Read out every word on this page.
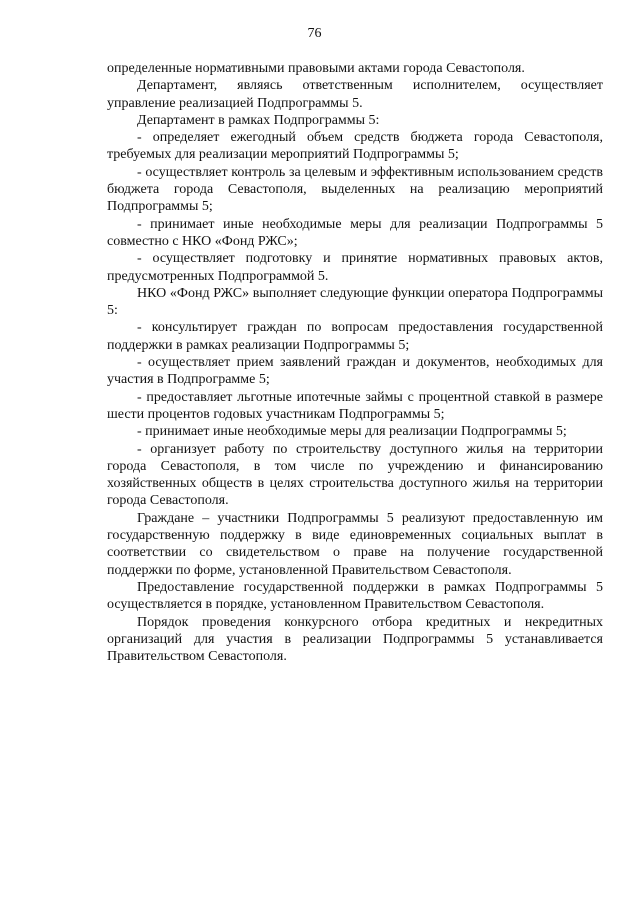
76

определенные нормативными правовыми актами города Севастополя.

Департамент, являясь ответственным исполнителем, осуществляет управление реализацией Подпрограммы 5.

Департамент в рамках Подпрограммы 5:

- определяет ежегодный объем средств бюджета города Севастополя, требуемых для реализации мероприятий Подпрограммы 5;

- осуществляет контроль за целевым и эффективным использованием средств бюджета города Севастополя, выделенных на реализацию мероприятий Подпрограммы 5;

- принимает иные необходимые меры для реализации Подпрограммы 5 совместно с НКО «Фонд РЖС»;

- осуществляет подготовку и принятие нормативных правовых актов, предусмотренных Подпрограммой 5.

НКО «Фонд РЖС» выполняет следующие функции оператора Подпрограммы 5:

- консультирует граждан по вопросам предоставления государственной поддержки в рамках реализации Подпрограммы 5;

- осуществляет прием заявлений граждан и документов, необходимых для участия в Подпрограмме 5;

- предоставляет льготные ипотечные займы с процентной ставкой в размере шести процентов годовых участникам Подпрограммы 5;

- принимает иные необходимые меры для реализации Подпрограммы 5;

- организует работу по строительству доступного жилья на территории города Севастополя, в том числе по учреждению и финансированию хозяйственных обществ в целях строительства доступного жилья на территории города Севастополя.

Граждане – участники Подпрограммы 5 реализуют предоставленную им государственную поддержку в виде единовременных социальных выплат в соответствии со свидетельством о праве на получение государственной поддержки по форме, установленной Правительством Севастополя.

Предоставление государственной поддержки в рамках Подпрограммы 5 осуществляется в порядке, установленном Правительством Севастополя.

Порядок проведения конкурсного отбора кредитных и некредитных организаций для участия в реализации Подпрограммы 5 устанавливается Правительством Севастополя.
